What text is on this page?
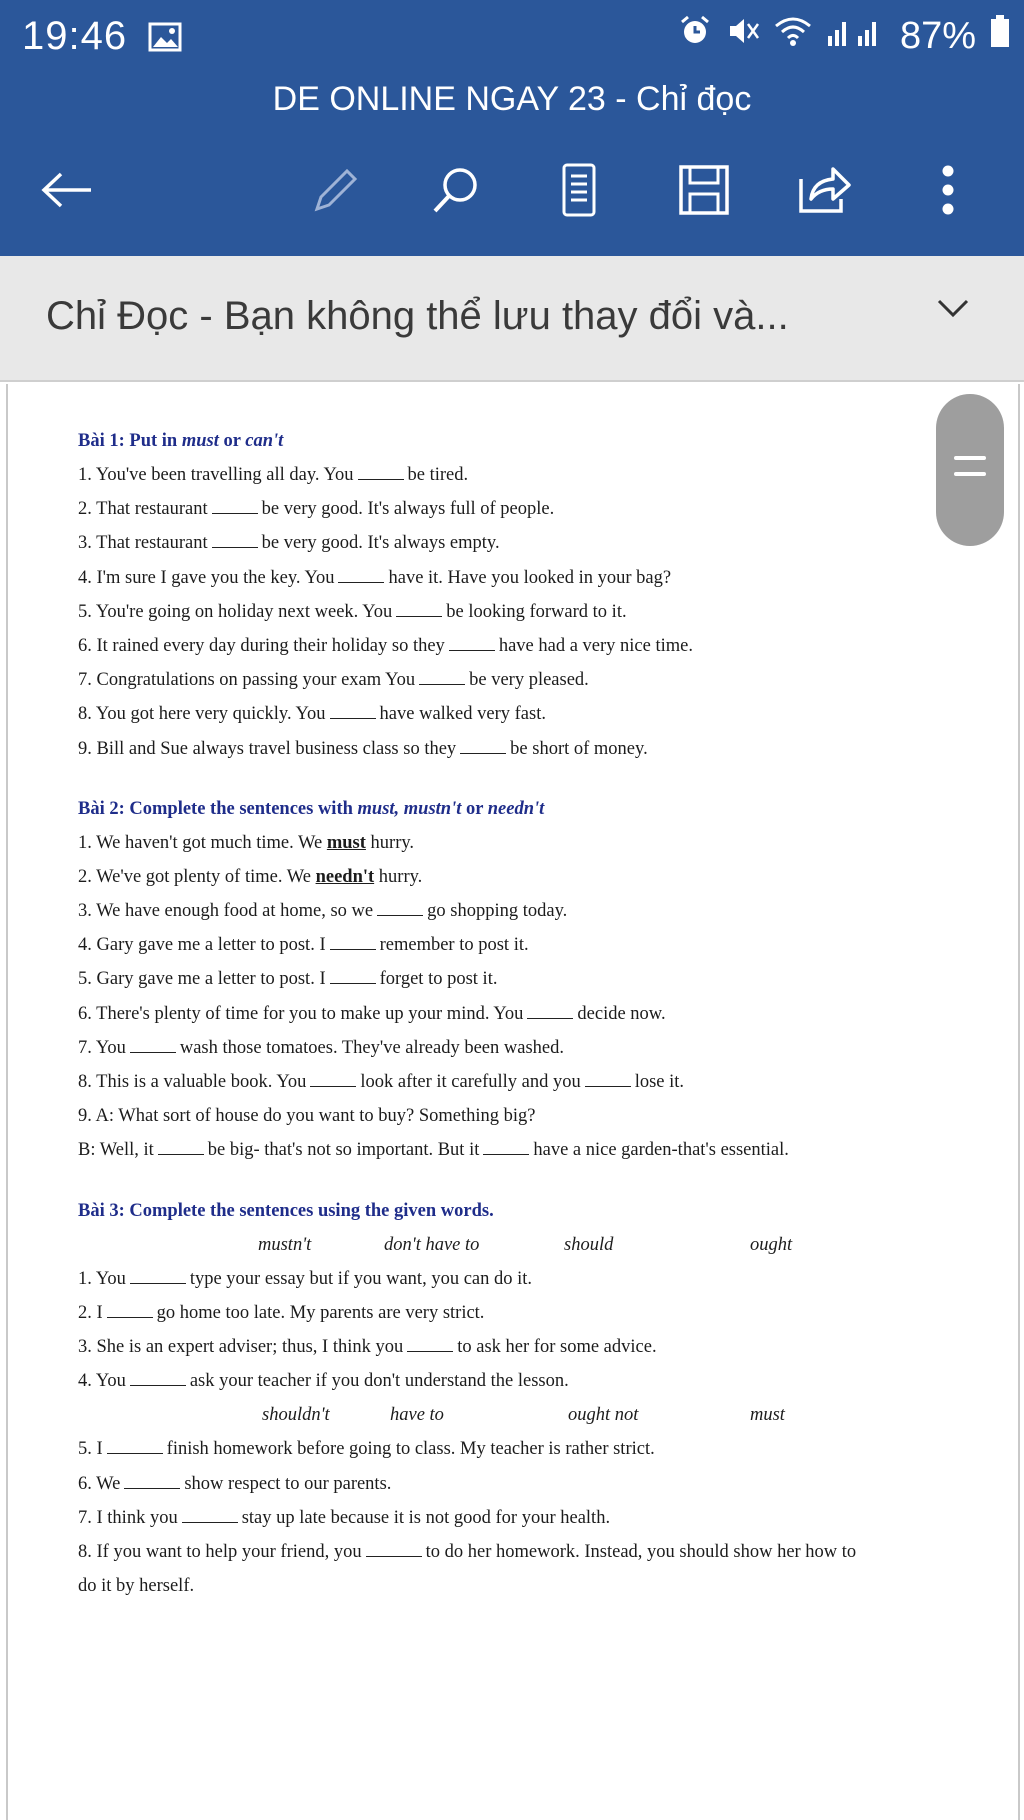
19:46	87%
DE ONLINE NGAY 23 - Chỉ đọc
Chỉ Đọc - Bạn không thể lưu thay đổi và...
Bài 1: Put in must or can't
1. You've been travelling all day. You	be tired.
2. That restaurant	be very good. It's always full of people.
3. That restaurant	be very good. It's always empty.
4. I'm sure I gave you the key. You	have it. Have you looked in your bag?
5. You're going on holiday next week. You	be looking forward to it.
6. It rained every day during their holiday so they	have had a very nice time.
7. Congratulations on passing your exam You	be very pleased.
8. You got here very quickly. You	have walked very fast.
9. Bill and Sue always travel business class so they	be short of money.
Bài 2: Complete the sentences with must, mustn't or needn't
1. We haven't got much time. We must hurry.
2. We've got plenty of time. We needn't hurry.
3. We have enough food at home, so we	go shopping today.
4. Gary gave me a letter to post. I	remember to post it.
5. Gary gave me a letter to post. I	forget to post it.
6. There's plenty of time for you to make up your mind. You	decide now.
7. You	wash those tomatoes. They've already been washed.
8. This is a valuable book. You	look after it carefully and you	lose it.
9. A: What sort of house do you want to buy? Something big?
B: Well, it	be big- that's not so important. But it	have a nice garden-that's essential.
Bài 3: Complete the sentences using the given words.
mustn't	don't have to	should	ought
1. You	type your essay but if you want, you can do it.
2. I	go home too late. My parents are very strict.
3. She is an expert adviser; thus, I think you	to ask her for some advice.
4. You	ask your teacher if you don't understand the lesson.
shouldn't	have to	ought not	must
5. I	finish homework before going to class. My teacher is rather strict.
6. We	show respect to our parents.
7. I think you	stay up late because it is not good for your health.
8. If you want to help your friend, you	to do her homework. Instead, you should show her how to
do it by herself.
